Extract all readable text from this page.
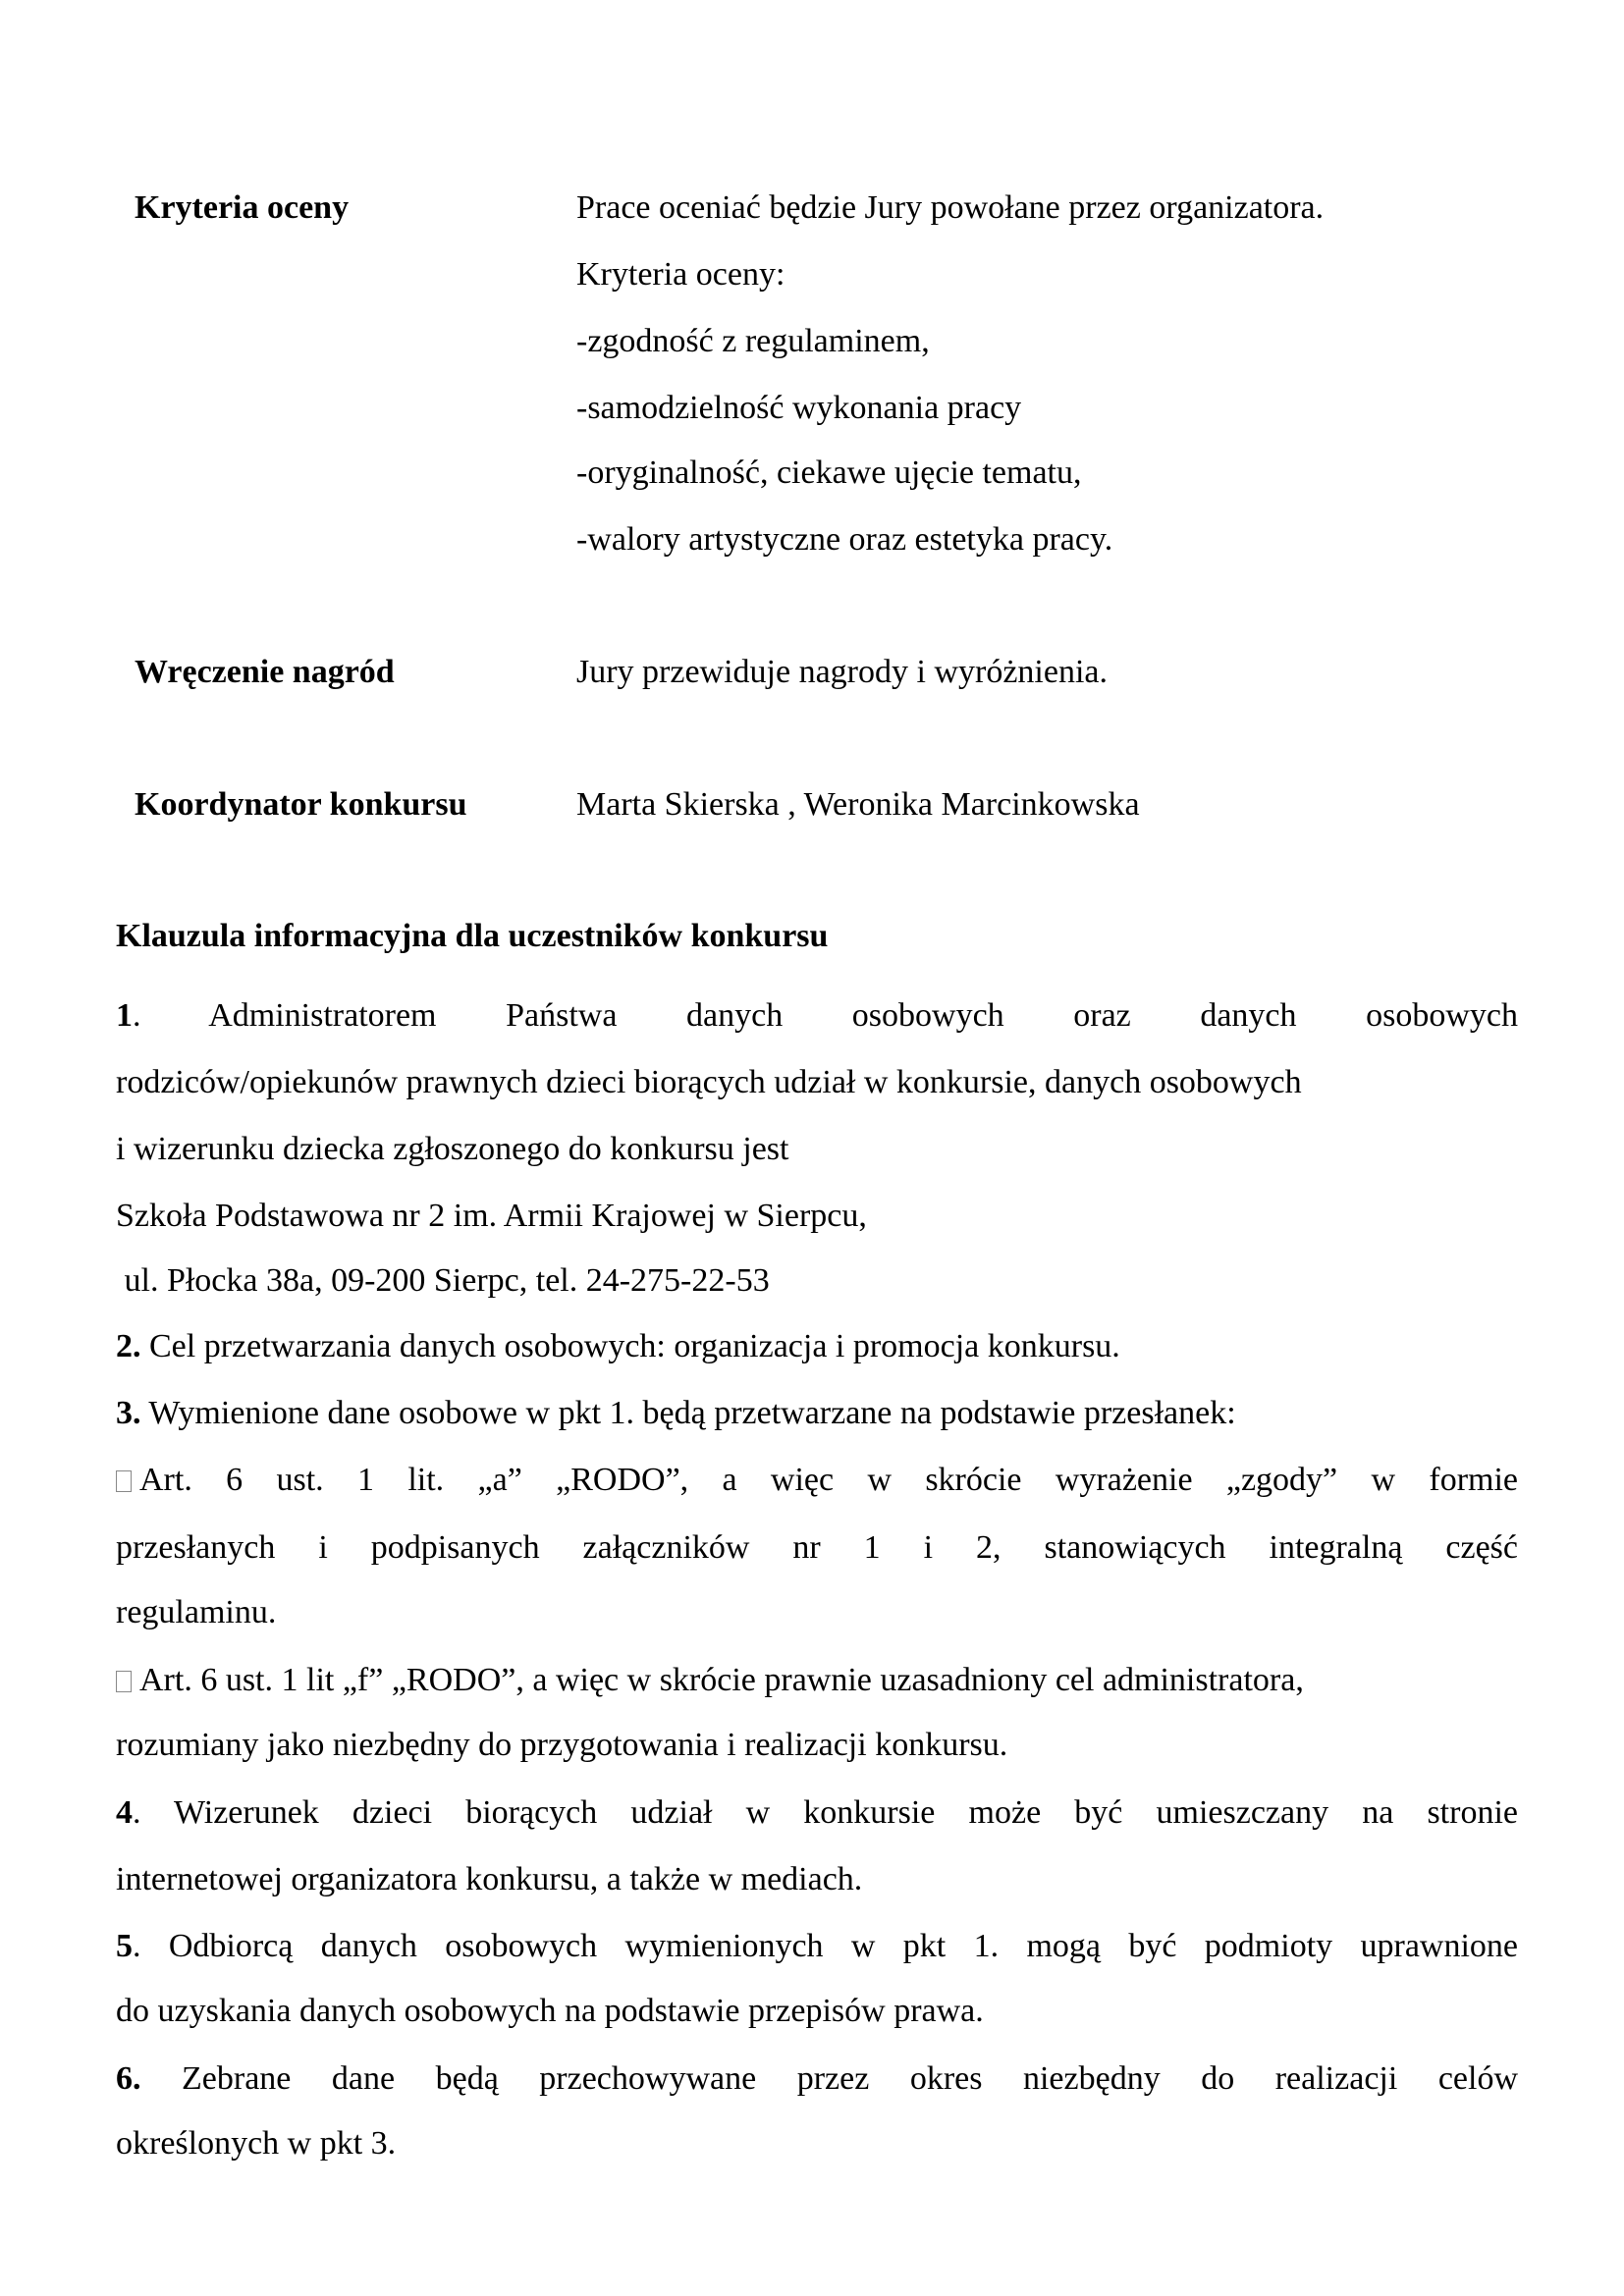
Kryteria oceny	Prace oceniać będzie Jury powołane przez organizatora.
Kryteria oceny:
-zgodność z regulaminem,
-samodzielność wykonania pracy
-oryginalność, ciekawe ujęcie tematu,
-walory artystyczne oraz estetyka pracy.
Wręczenie nagród	Jury przewiduje nagrody i wyróżnienia.
Koordynator konkursu	Marta Skierska , Weronika Marcinkowska
Klauzula informacyjna dla uczestników konkursu
1. Administratorem Państwa danych osobowych oraz danych osobowych
rodziców/opiekunów prawnych dzieci biorących udział w konkursie, danych osobowych
i wizerunku dziecka zgłoszonego do konkursu jest
Szkoła Podstawowa nr 2 im. Armii Krajowej w Sierpcu,
ul. Płocka 38a, 09-200 Sierpc, tel. 24-275-22-53
2. Cel przetwarzania danych osobowych: organizacja i promocja konkursu.
3. Wymienione dane osobowe w pkt 1. będą przetwarzane na podstawie przesłanek:
Art. 6 ust. 1 lit. „a” „RODO”, a więc w skrócie wyrażenie „zgody” w formie
przesłanych i podpisanych załączników nr 1 i 2, stanowiących integralną część
regulaminu.
Art. 6 ust. 1 lit „f” „RODO”, a więc w skrócie prawnie uzasadniony cel administratora,
rozumiany jako niezbędny do przygotowania i realizacji konkursu.
4. Wizerunek dzieci biorących udział w konkursie może być umieszczany na stronie
internetowej organizatora konkursu, a także w mediach.
5. Odbiorcą danych osobowych wymienionych w pkt 1. mogą być podmioty uprawnione
do uzyskania danych osobowych na podstawie przepisów prawa.
6. Zebrane dane będą przechowywane przez okres niezbędny do realizacji celów
określonych w pkt 3.
